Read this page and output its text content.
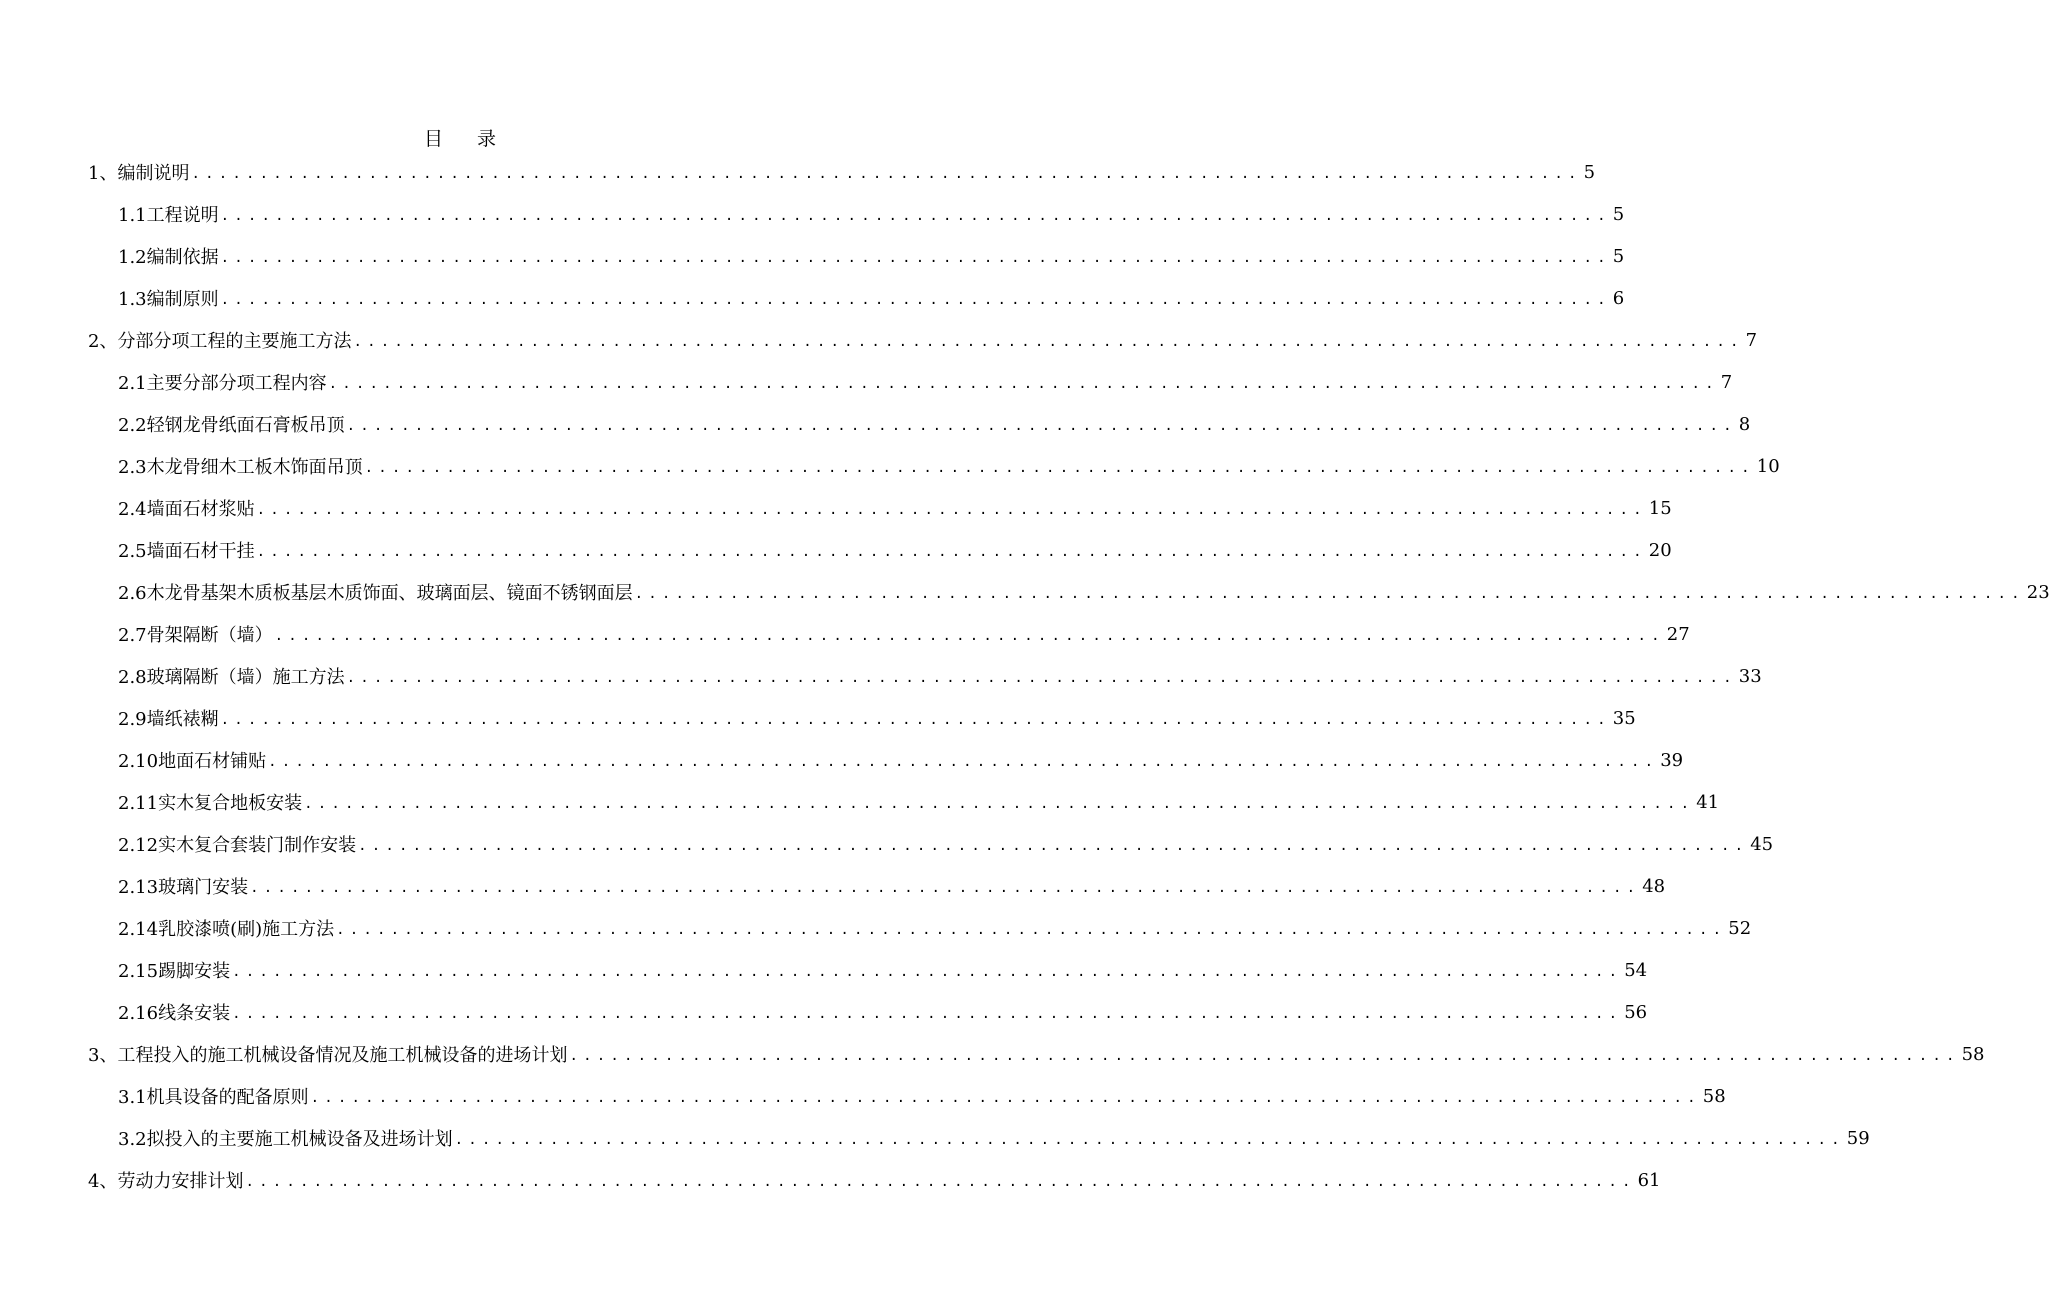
目录
1、编制说明 ...................................................................................................... 5
1.1工程说明 ...................................................................................................... 5
1.2编制依据 ...................................................................................................... 5
1.3编制原则 ...................................................................................................... 6
2、分部分项工程的主要施工方法 ...................................................................................................... 7
2.1主要分部分项工程内容 ...................................................................................................... 7
2.2轻钢龙骨纸面石膏板吊顶 ...................................................................................................... 8
2.3木龙骨细木工板木饰面吊顶 ...................................................................................................... 10
2.4墙面石材浆贴 ...................................................................................................... 15
2.5墙面石材干挂 ...................................................................................................... 20
2.6木龙骨基架木质板基层木质饰面、玻璃面层、镜面不锈钢面层 ...................................................................................................... 23
2.7骨架隔断（墙） ...................................................................................................... 27
2.8玻璃隔断（墙）施工方法 ...................................................................................................... 33
2.9墙纸裱糊 ...................................................................................................... 35
2.10地面石材铺贴 ...................................................................................................... 39
2.11实木复合地板安装 ...................................................................................................... 41
2.12实木复合套装门制作安装 ...................................................................................................... 45
2.13玻璃门安装 ...................................................................................................... 48
2.14乳胶漆喷(刷)施工方法 ...................................................................................................... 52
2.15踢脚安装 ...................................................................................................... 54
2.16线条安装 ...................................................................................................... 56
3、工程投入的施工机械设备情况及施工机械设备的进场计划 ...................................................................................................... 58
3.1机具设备的配备原则 ...................................................................................................... 58
3.2拟投入的主要施工机械设备及进场计划 ...................................................................................................... 59
4、劳动力安排计划 ...................................................................................................... 61
